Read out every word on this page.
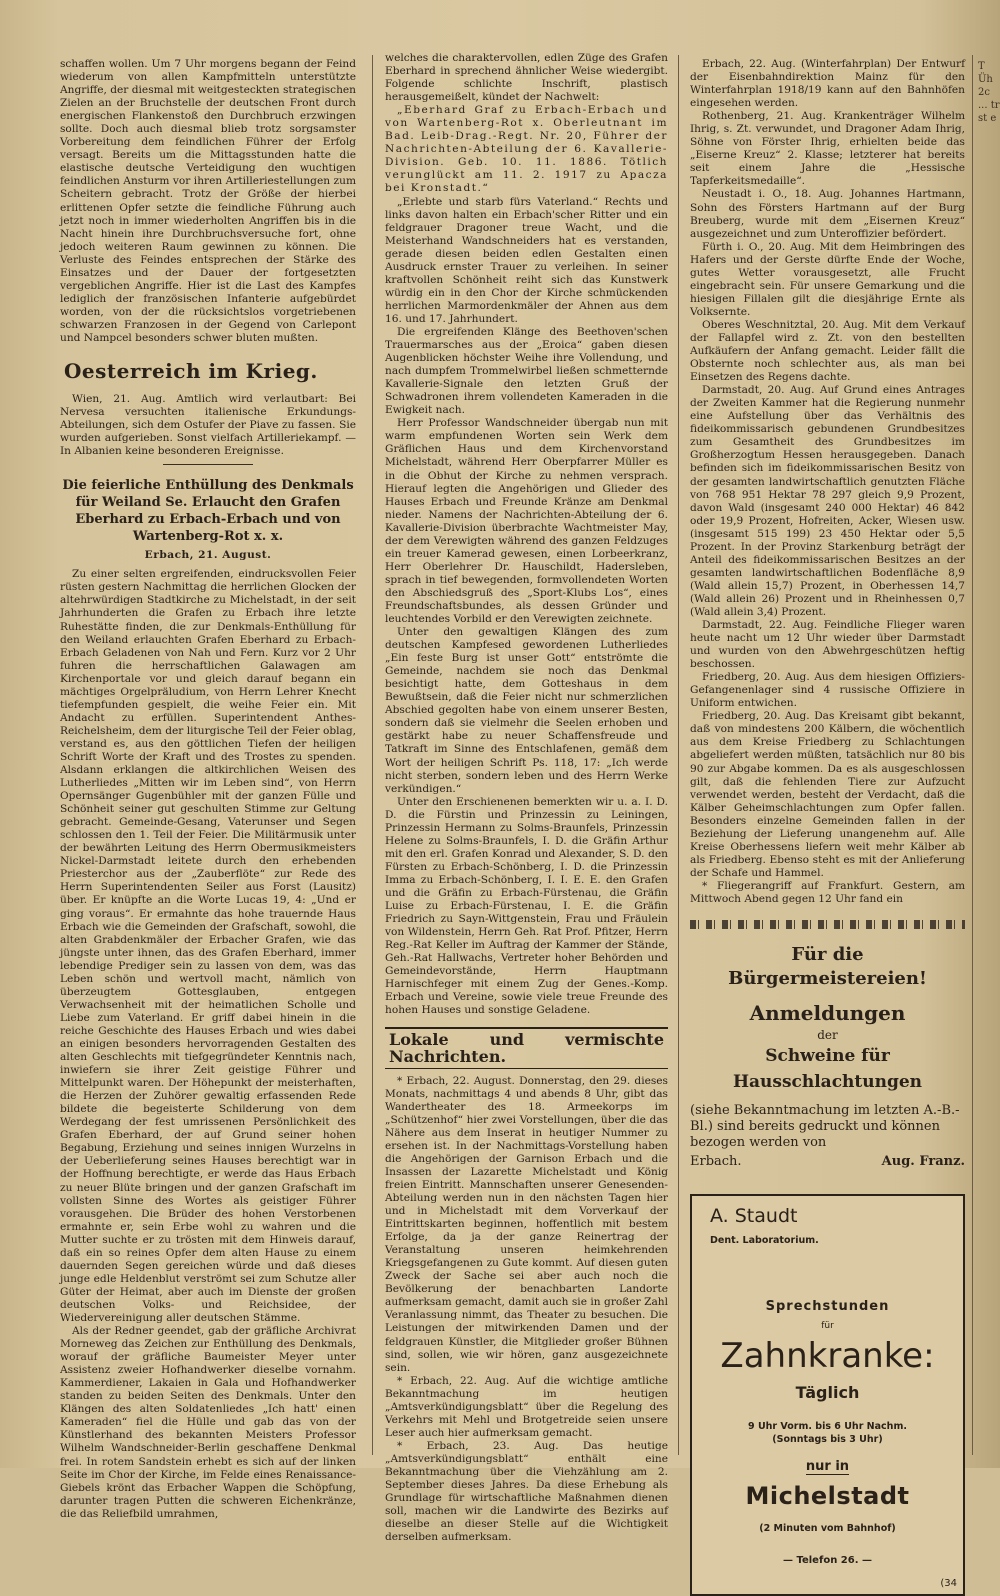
schaffen wollen. Um 7 Uhr morgens begann der Feind wiederum von allen Kampfmitteln unterstützte Angriffe, der diesmal mit weitgesteckten strategischen Zielen an der Bruchstelle der deutschen Front durch energischen Flankenstoß den Durchbruch erzwingen sollte. Doch auch diesmal blieb trotz sorgsamster Vorbereitung dem feindlichen Führer der Erfolg versagt. Bereits um die Mittagsstunden hatte die elastische deutsche Verteidigung den wuchtigen feindlichen Ansturm vor ihren Artilleriestellungen zum Scheitern gebracht. Trotz der Größe der hierbei erlittenen Opfer setzte die feindliche Führung auch jetzt noch in immer wiederholten Angriffen bis in die Nacht hinein ihre Durchbruchsversuche fort, ohne jedoch weiteren Raum gewinnen zu können. Die Verluste des Feindes entsprechen der Stärke des Einsatzes und der Dauer der fortgesetzten vergeblichen Angriffe. Hier ist die Last des Kampfes lediglich der französischen Infanterie aufgebürdet worden, von der die rücksichtslos vorgetriebenen schwarzen Franzosen in der Gegend von Carlepont und Nampcel besonders schwer bluten mußten.

Oesterreich im Krieg.

Wien, 21. Aug. Amtlich wird verlautbart: Bei Nervesa versuchten italienische Erkundungs-Abteilungen, sich dem Ostufer der Piave zu fassen. Sie wurden aufgerieben. Sonst vielfach Artilleriekampf. — In Albanien keine besonderen Ereignisse.

Die feierliche Enthüllung des Denkmals für Weiland Se. Erlaucht den Grafen Eberhard zu Erbach-Erbach und von Wartenberg-Rot x. x.
Erbach, 21. August.

Zu einer selten ergreifenden, eindrucksvollen Feier rüsten gestern Nachmittag die herrlichen Glocken der altehrwürdigen Stadtkirche zu Michelstadt, in der seit Jahrhunderten die Grafen zu Erbach ihre letzte Ruhestätte finden, die zur Denkmals-Enthüllung für den Weiland erlauchten Grafen Eberhard zu Erbach-Erbach Geladenen von Nah und Fern. Kurz vor 2 Uhr fuhren die herrschaftlichen Galawagen am Kirchenportale vor und gleich darauf begann ein mächtiges Orgelpräludium, von Herrn Lehrer Knecht tiefempfunden gespielt, die weihe Feier ein. Mit Andacht zu erfüllen. Superintendent Anthes-Reichelsheim, dem der liturgische Teil der Feier oblag, verstand es, aus den göttlichen Tiefen der heiligen Schrift Worte der Kraft und des Trostes zu spenden. Alsdann erklangen die altkirchlichen Weisen des Lutherliedes „Mitten wir im Leben sind“, von Herrn Opernsänger Gugenbühler mit der ganzen Fülle und Schönheit seiner gut geschulten Stimme zur Geltung gebracht. Gemeinde-Gesang, Vaterunser und Segen schlossen den 1. Teil der Feier. Die Militärmusik unter der bewährten Leitung des Herrn Obermusikmeisters Nickel-Darmstadt leitete durch den erhebenden Priesterchor aus der „Zauberflöte“ zur Rede des Herrn Superintendenten Seiler aus Forst (Lausitz) über. Er knüpfte an die Worte Lucas 19, 4: „Und er ging voraus“. Er ermahnte das hohe trauernde Haus Erbach wie die Gemeinden der Grafschaft, sowohl, die alten Grabdenkmäler der Erbacher Grafen, wie das jüngste unter ihnen, das des Grafen Eberhard, immer lebendige Prediger sein zu lassen von dem, was das Leben schön und wertvoll macht, nämlich von überzeugtem Gottesglauben, entgegen Verwachsenheit mit der heimatlichen Scholle und Liebe zum Vaterland. Er griff dabei hinein in die reiche Geschichte des Hauses Erbach und wies dabei an einigen besonders hervorragenden Gestalten des alten Geschlechts mit tiefgegründeter Kenntnis nach, inwiefern sie ihrer Zeit geistige Führer und Mittelpunkt waren. Der Höhepunkt der meisterhaften, die Herzen der Zuhörer gewaltig erfassenden Rede bildete die begeisterte Schilderung von dem Werdegang der fest umrissenen Persönlichkeit des Grafen Eberhard, der auf Grund seiner hohen Begabung, Erziehung und seines innigen Wurzelns in der Ueberlieferung seines Hauses berechtigt war in der Hoffnung berechtigte, er werde das Haus Erbach zu neuer Blüte bringen und der ganzen Grafschaft im vollsten Sinne des Wortes als geistiger Führer vorausgehen. Die Brüder des hohen Verstorbenen ermahnte er, sein Erbe wohl zu wahren und die Mutter suchte er zu trösten mit dem Hinweis darauf, daß ein so reines Opfer dem alten Hause zu einem dauernden Segen gereichen würde und daß dieses junge edle Heldenblut verströmt sei zum Schutze aller Güter der Heimat, aber auch im Dienste der großen deutschen Volks- und Reichsidee, der Wiedervereinigung aller deutschen Stämme.

Als der Redner geendet, gab der gräfliche Archivrat Morneweg das Zeichen zur Enthüllung des Denkmals, worauf der gräfliche Baumeister Meyer unter Assistenz zweier Hofhandwerker dieselbe vornahm. Kammerdiener, Lakaien in Gala und Hofhandwerker standen zu beiden Seiten des Denkmals. Unter den Klängen des alten Soldatenliedes „Ich hatt' einen Kameraden“ fiel die Hülle und gab das von der Künstlerhand des bekannten Meisters Professor Wilhelm Wandschneider-Berlin geschaffene Denkmal frei. In rotem Sandstein erhebt es sich auf der linken Seite im Chor der Kirche, im Felde eines Renaissance-Giebels krönt das Erbacher Wappen die Schöpfung, darunter tragen Putten die schweren Eichenkränze, die das Reliefbild umrahmen,

welches die charaktervollen, edlen Züge des Grafen Eberhard in sprechend ähnlicher Weise wiedergibt. Folgende schlichte Inschrift, plastisch herausgemeißelt, kündet der Nachwelt:

„Eberhard Graf zu Erbach-Erbach und von Wartenberg-Rot x. Oberleutnant im Bad. Leib-Drag.-Regt. Nr. 20, Führer der Nachrichten-Abteilung der 6. Kavallerie-Division. Geb. 10. 11. 1886. Tötlich verunglückt am 11. 2. 1917 zu Apacza bei Kronstadt.“

„Erlebte und starb fürs Vaterland.“ Rechts und links davon halten ein Erbach'scher Ritter und ein feldgrauer Dragoner treue Wacht, und die Meisterhand Wandschneiders hat es verstanden, gerade diesen beiden edlen Gestalten einen Ausdruck ernster Trauer zu verleihen. In seiner kraftvollen Schönheit reiht sich das Kunstwerk würdig ein in den Chor der Kirche schmückenden herrlichen Marmordenkmäler der Ahnen aus dem 16. und 17. Jahrhundert.

Die ergreifenden Klänge des Beethoven'schen Trauermarsches aus der „Eroica“ gaben diesen Augenblicken höchster Weihe ihre Vollendung, und nach dumpfem Trommelwirbel ließen schmetternde Kavallerie-Signale den letzten Gruß der Schwadronen ihrem vollendeten Kameraden in die Ewigkeit nach.

Herr Professor Wandschneider übergab nun mit warm empfundenen Worten sein Werk dem Gräflichen Haus und dem Kirchenvorstand Michelstadt, während Herr Oberpfarrer Müller es in die Obhut der Kirche zu nehmen versprach. Hierauf legten die Angehörigen und Glieder des Hauses Erbach und Freunde Kränze am Denkmal nieder. Namens der Nachrichten-Abteilung der 6. Kavallerie-Division überbrachte Wachtmeister May, der dem Verewigten während des ganzen Feldzuges ein treuer Kamerad gewesen, einen Lorbeerkranz, Herr Oberlehrer Dr. Hauschildt, Hadersleben, sprach in tief bewegenden, formvollendeten Worten den Abschiedsgruß des „Sport-Klubs Los“, eines Freundschaftsbundes, als dessen Gründer und leuchtendes Vorbild er den Verewigten zeichnete.

Unter den gewaltigen Klängen des zum deutschen Kampfesed gewordenen Lutherliedes „Ein feste Burg ist unser Gott“ entströmte die Gemeinde, nachdem sie noch das Denkmal besichtigt hatte, dem Gotteshaus in dem Bewußtsein, daß die Feier nicht nur schmerzlichen Abschied gegolten habe von einem unserer Besten, sondern daß sie vielmehr die Seelen erhoben und gestärkt habe zu neuer Schaffensfreude und Tatkraft im Sinne des Entschlafenen, gemäß dem Wort der heiligen Schrift Ps. 118, 17: „Ich werde nicht sterben, sondern leben und des Herrn Werke verkündigen.“

Unter den Erschienenen bemerkten wir u. a. I. D. D. die Fürstin und Prinzessin zu Leiningen, Prinzessin Hermann zu Solms-Braunfels, Prinzessin Helene zu Solms-Braunfels, I. D. die Gräfin Arthur mit den erl. Grafen Konrad und Alexander, S. D. den Fürsten zu Erbach-Schönberg, I. D. die Prinzessin Imma zu Erbach-Schönberg, I. I. E. E. den Grafen und die Gräfin zu Erbach-Fürstenau, die Gräfin Luise zu Erbach-Fürstenau, I. E. die Gräfin Friedrich zu Sayn-Wittgenstein, Frau und Fräulein von Wildenstein, Herrn Geh. Rat Prof. Pfitzer, Herrn Reg.-Rat Keller im Auftrag der Kammer der Stände, Geh.-Rat Hallwachs, Vertreter hoher Behörden und Gemeindevorstände, Herrn Hauptmann Harnischfeger mit einem Zug der Genes.-Komp. Erbach und Vereine, sowie viele treue Freunde des hohen Hauses und sonstige Geladene.

Lokale und vermischte Nachrichten.

* Erbach, 22. August. Donnerstag, den 29. dieses Monats, nachmittags 4 und abends 8 Uhr, gibt das Wandertheater des 18. Armeekorps im „Schützenhof“ hier zwei Vorstellungen, über die das Nähere aus dem Inserat in heutiger Nummer zu ersehen ist. In der Nachmittags-Vorstellung haben die Angehörigen der Garnison Erbach und die Insassen der Lazarette Michelstadt und König freien Eintritt. Mannschaften unserer Genesenden-Abteilung werden nun in den nächsten Tagen hier und in Michelstadt mit dem Vorverkauf der Eintrittskarten beginnen, hoffentlich mit bestem Erfolge, da ja der ganze Reinertrag der Veranstaltung unseren heimkehrenden Kriegsgefangenen zu Gute kommt. Auf diesen guten Zweck der Sache sei aber auch noch die Bevölkerung der benachbarten Landorte aufmerksam gemacht, damit auch sie in großer Zahl Veranlassung nimmt, das Theater zu besuchen. Die Leistungen der mitwirkenden Damen und der feldgrauen Künstler, die Mitglieder großer Bühnen sind, sollen, wie wir hören, ganz ausgezeichnete sein.

* Erbach, 22. Aug. Auf die wichtige amtliche Bekanntmachung im heutigen „Amtsverkündigungsblatt“ über die Regelung des Verkehrs mit Mehl und Brotgetreide seien unsere Leser auch hier aufmerksam gemacht.

* Erbach, 23. Aug. Das heutige „Amtsverkündigungsblatt“ enthält eine Bekanntmachung über die Viehzählung am 2. September dieses Jahres. Da diese Erhebung als Grundlage für wirtschaftliche Maßnahmen dienen soll, machen wir die Landwirte des Bezirks auf dieselbe an dieser Stelle auf die Wichtigkeit derselben aufmerksam.

Erbach, 22. Aug. (Winterfahrplan) Der Entwurf der Eisenbahndirektion Mainz für den Winterfahrplan 1918/19 kann auf den Bahnhöfen eingesehen werden.

Rothenberg, 21. Aug. Krankenträger Wilhelm Ihrig, s. Zt. verwundet, und Dragoner Adam Ihrig, Söhne von Förster Ihrig, erhielten beide das „Eiserne Kreuz“ 2. Klasse; letzterer hat bereits seit einem Jahre die „Hessische Tapferkeitsmedaille“.

Neustadt i. O., 18. Aug. Johannes Hartmann, Sohn des Försters Hartmann auf der Burg Breuberg, wurde mit dem „Eisernen Kreuz“ ausgezeichnet und zum Unteroffizier befördert.

Fürth i. O., 20. Aug. Mit dem Heimbringen des Hafers und der Gerste dürfte Ende der Woche, gutes Wetter vorausgesetzt, alle Frucht eingebracht sein. Für unsere Gemarkung und die hiesigen Fillalen gilt die diesjährige Ernte als Volksernte.

Oberes Weschnitztal, 20. Aug. Mit dem Verkauf der Fallapfel wird z. Zt. von den bestellten Aufkäufern der Anfang gemacht. Leider fällt die Obsternte noch schlechter aus, als man bei Einsetzen des Regens dachte.

Darmstadt, 20. Aug. Auf Grund eines Antrages der Zweiten Kammer hat die Regierung nunmehr eine Aufstellung über das Verhältnis des fideikommissarisch gebundenen Grundbesitzes zum Gesamtheit des Grundbesitzes im Großherzogtum Hessen herausgegeben. Danach befinden sich im fideikommissarischen Besitz von der gesamten landwirtschaftlich genutzten Fläche von 768 951 Hektar 78 297 gleich 9,9 Prozent, davon Wald (insgesamt 240 000 Hektar) 46 842 oder 19,9 Prozent, Hofreiten, Acker, Wiesen usw. (insgesamt 515 199) 23 450 Hektar oder 5,5 Prozent. In der Provinz Starkenburg beträgt der Anteil des fideikommissarischen Besitzes an der gesamten landwirtschaftlichen Bodenfläche 8,9 (Wald allein 15,7) Prozent, in Oberhessen 14,7 (Wald allein 26) Prozent und in Rheinhessen 0,7 (Wald allein 3,4) Prozent.

Darmstadt, 22. Aug. Feindliche Flieger waren heute nacht um 12 Uhr wieder über Darmstadt und wurden von den Abwehrgeschützen heftig beschossen.

Friedberg, 20. Aug. Aus dem hiesigen Offiziers-Gefangenenlager sind 4 russische Offiziere in Uniform entwichen.

Friedberg, 20. Aug. Das Kreisamt gibt bekannt, daß von mindestens 200 Kälbern, die wöchentlich aus dem Kreise Friedberg zu Schlachtungen abgeliefert werden müßten, tatsächlich nur 80 bis 90 zur Abgabe kommen. Da es als ausgeschlossen gilt, daß die fehlenden Tiere zur Aufzucht verwendet werden, besteht der Verdacht, daß die Kälber Geheimschlachtungen zum Opfer fallen. Besonders einzelne Gemeinden fallen in der Beziehung der Lieferung unangenehm auf. Alle Kreise Oberhessens liefern weit mehr Kälber ab als Friedberg. Ebenso steht es mit der Anlieferung der Schafe und Hammel.

* Fliegerangriff auf Frankfurt. Gestern, am Mittwoch Abend gegen 12 Uhr fand ein

Für die Bürgermeistereien!
Anmeldungen
der
Schweine für Hausschlachtungen
(siehe Bekanntmachung im letzten A.-B.-Bl.) sind bereits gedruckt und können bezogen werden von
Erbach.	Aug. Franz.
A. Staudt
Dent. Laboratorium.
Sprechstunden
für
Zahnkranke:
Täglich
9 Uhr Vorm. bis 6 Uhr Nachm.
(Sonntags bis 3 Uhr)
nur in
Michelstadt
(2 Minuten vom Bahnhof)
— Telefon 26. —
(34
T Üh 2c ... tr st e
